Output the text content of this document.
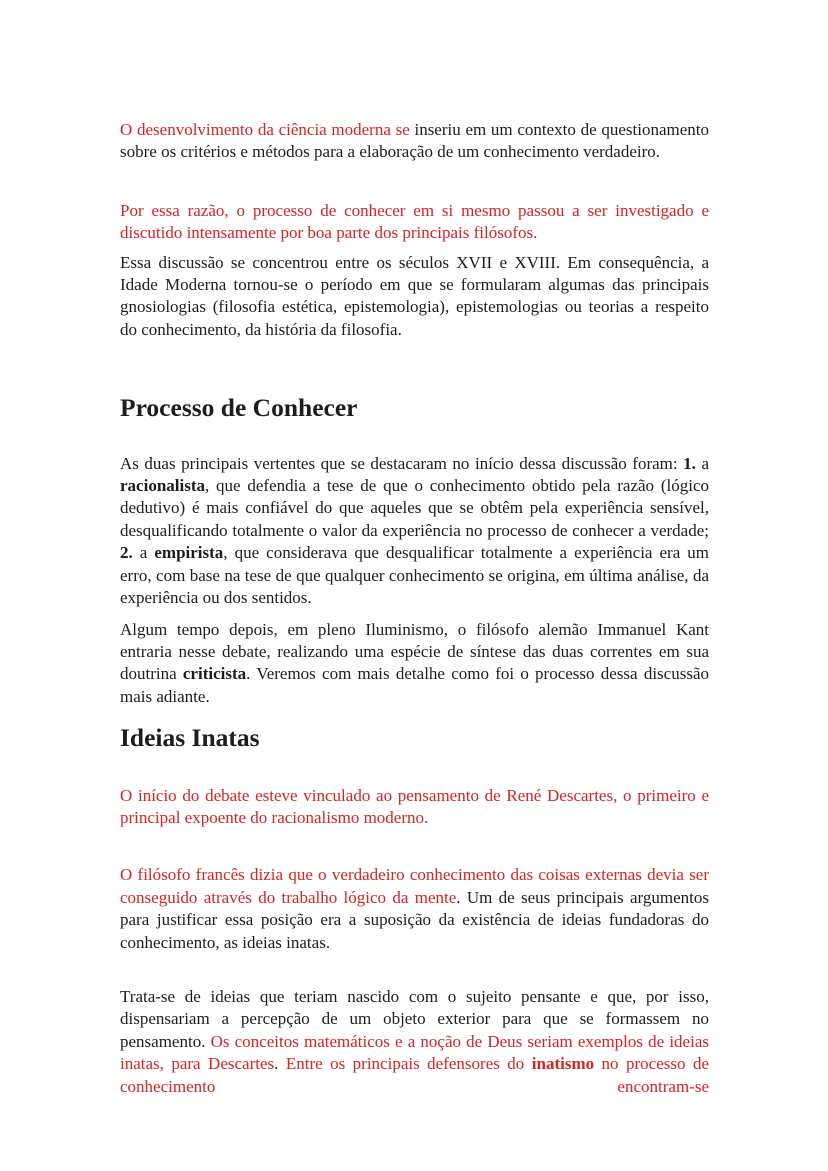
O desenvolvimento da ciência moderna se inseriu em um contexto de questionamento sobre os critérios e métodos para a elaboração de um conhecimento verdadeiro.

Por essa razão, o processo de conhecer em si mesmo passou a ser investigado e discutido intensamente por boa parte dos principais filósofos.

Essa discussão se concentrou entre os séculos XVII e XVIII. Em consequência, a Idade Moderna tornou-se o período em que se formularam algumas das principais gnosiologias (filosofia estética, epistemologia), epistemologias ou teorias a respeito do conhecimento, da história da filosofia.

Processo de Conhecer

As duas principais vertentes que se destacaram no início dessa discussão foram: 1. a racionalista, que defendia a tese de que o conhecimento obtido pela razão (lógico dedutivo) é mais confiável do que aqueles que se obtêm pela experiência sensível, desqualificando totalmente o valor da experiência no processo de conhecer a verdade; 2. a empirista, que considerava que desqualificar totalmente a experiência era um erro, com base na tese de que qualquer conhecimento se origina, em última análise, da experiência ou dos sentidos.

Algum tempo depois, em pleno Iluminismo, o filósofo alemão Immanuel Kant entraria nesse debate, realizando uma espécie de síntese das duas correntes em sua doutrina criticista. Veremos com mais detalhe como foi o processo dessa discussão mais adiante.

Ideias Inatas

O início do debate esteve vinculado ao pensamento de René Descartes, o primeiro e principal expoente do racionalismo moderno.

O filósofo francês dizia que o verdadeiro conhecimento das coisas externas devia ser conseguido através do trabalho lógico da mente. Um de seus principais argumentos para justificar essa posição era a suposição da existência de ideias fundadoras do conhecimento, as ideias inatas.

Trata-se de ideias que teriam nascido com o sujeito pensante e que, por isso, dispensariam a percepção de um objeto exterior para que se formassem no pensamento. Os conceitos matemáticos e a noção de Deus seriam exemplos de ideias inatas, para Descartes. Entre os principais defensores do inatismo no processo de conhecimento encontram-se
